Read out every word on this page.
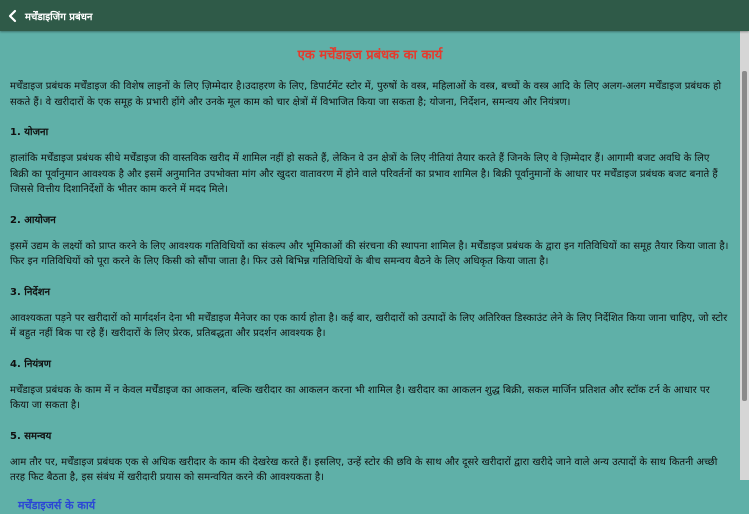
मर्चेंडाइजिंग प्रबंधन
एक मर्चेंडाइज प्रबंधक का कार्य
मर्चेंडाइज प्रबंधक मर्चेंडाइज की विशेष लाइनों के लिए ज़िम्मेदार है।उदाहरण के लिए, डिपार्टमेंट स्टोर में, पुरुषों के वस्त्र, महिलाओं के वस्त्र, बच्चों के वस्त्र आदि के लिए अलग-अलग मर्चेंडाइज प्रबंधक हो सकते हैं। वे खरीदारों के एक समूह के प्रभारी होंगे और उनके मूल काम को चार क्षेत्रों में विभाजित किया जा सकता है; योजना, निर्देशन, समन्वय और नियंत्रण।
1. योजना
हालांकि मर्चेंडाइज प्रबंधक सीधे मर्चेंडाइज की वास्तविक खरीद में शामिल नहीं हो सकते हैं, लेकिन वे उन क्षेत्रों के लिए नीतियां तैयार करते हैं जिनके लिए वे ज़िम्मेदार हैं। आगामी बजट अवधि के लिए बिक्री का पूर्वानुमान आवश्यक है और इसमें अनुमानित उपभोक्ता मांग और खुदरा वातावरण में होने वाले परिवर्तनों का प्रभाव शामिल है। बिक्री पूर्वानुमानों के आधार पर मर्चेंडाइज प्रबंधक बजट बनाते हैं जिससे वित्तीय दिशानिर्देशों के भीतर काम करने में मदद मिले।
2. आयोजन
इसमें उद्यम के लक्ष्यों को प्राप्त करने के लिए आवश्यक गतिविधियों का संकल्प और भूमिकाओं की संरचना की स्थापना शामिल है। मर्चेंडाइज प्रबंधक के द्वारा इन गतिविधियों का समूह तैयार किया जाता है। फिर इन गतिविधियों को पूरा करने के लिए किसी को सौंपा जाता है। फिर उसे बिभिन्न गतिविधियों के बीच समन्वय बैठने के लिए अधिकृत किया जाता है।
3. निर्देशन
आवश्यकता पड़ने पर खरीदारों को मार्गदर्शन देना भी मर्चेंडाइज मैनेजर का एक कार्य होता है। कई बार, खरीदारों को उत्पादों के लिए अतिरिक्त डिस्काउंट लेने के लिए निर्देशित किया जाना चाहिए, जो स्टोर में बहुत नहीं बिक पा रहे हैं। खरीदारों के लिए प्रेरक, प्रतिबद्धता और प्रदर्शन आवश्यक है।
4. नियंत्रण
मर्चेंडाइज प्रबंधक के काम में न केवल मर्चेंडाइज का आकलन, बल्कि खरीदार का आकलन करना भी शामिल है। खरीदार का आकलन शुद्ध बिक्री, सकल मार्जिन प्रतिशत और स्टॉक टर्न के आधार पर किया जा सकता है।
5. समन्वय
आम तौर पर, मर्चेंडाइज प्रबंधक एक से अधिक खरीदार के काम की देखरेख करते हैं। इसलिए, उन्हें स्टोर की छवि के साथ और दूसरे खरीदारों द्वारा खरीदे जाने वाले अन्य उत्पादों के साथ कितनी अच्छी तरह फिट बैठता है, इस संबंध में खरीदारी प्रयास को समन्वयित करने की आवश्यकता है।
मर्चेंडाइजर्स के कार्य
